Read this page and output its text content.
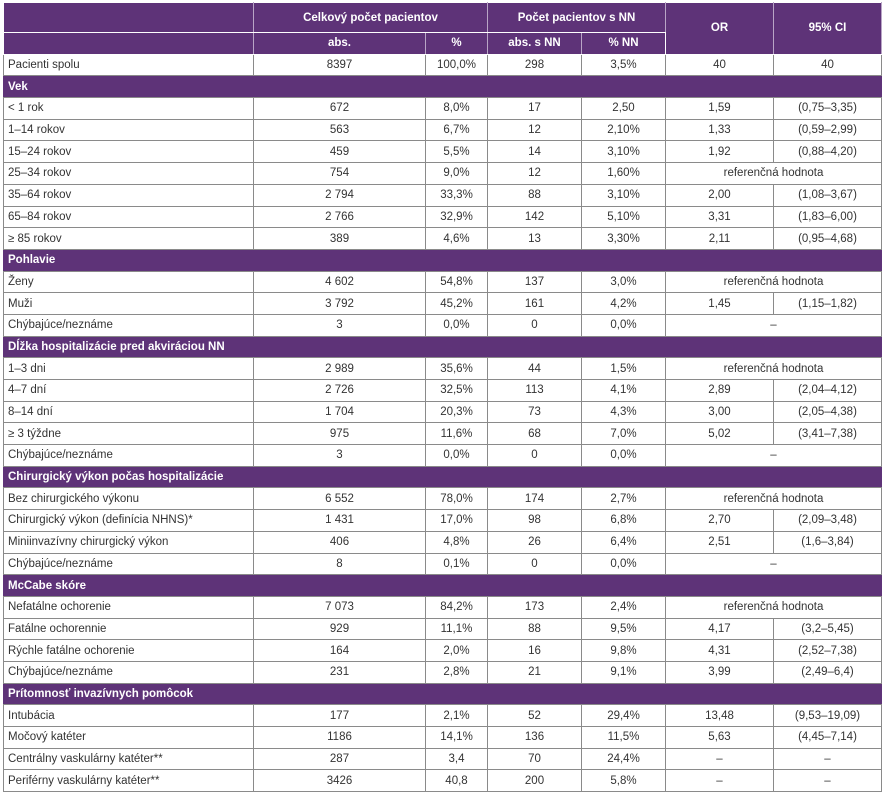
	Celkový počet pacientov		Počet pacientov s NN		OR	95% CI	
	abs.	%	abs. s NN	% NN			
Pacienti spolu	8397	100,0%	298	3,5%	40	40	
Vek							
< 1 rok	672	8,0%	17	2,50	1,59	(0,75–3,35)	
1–14 rokov	563	6,7%	12	2,10%	1,33	(0,59–2,99)	
15–24 rokov	459	5,5%	14	3,10%	1,92	(0,88–4,20)	
25–34 rokov	754	9,0%	12	1,60%	referenčná hodnota		
35–64 rokov	2 794	33,3%	88	3,10%	2,00	(1,08–3,67)	
65–84 rokov	2 766	32,9%	142	5,10%	3,31	(1,83–6,00)	
≥ 85 rokov	389	4,6%	13	3,30%	2,11	(0,95–4,68)	
Pohlavie							
Ženy	4 602	54,8%	137	3,0%	referenčná hodnota		
Muži	3 792	45,2%	161	4,2%	1,45	(1,15–1,82)	
Chýbajúce/neznáme	3	0,0%	0	0,0%	–		
Dĺžka hospitalizácie pred akviráciou NN							
1–3 dni	2 989	35,6%	44	1,5%	referenčná hodnota		
4–7 dní	2 726	32,5%	113	4,1%	2,89	(2,04–4,12)	
8–14 dní	1 704	20,3%	73	4,3%	3,00	(2,05–4,38)	
≥ 3 týždne	975	11,6%	68	7,0%	5,02	(3,41–7,38)	
Chýbajúce/neznáme	3	0,0%	0	0,0%	–		
Chirurgický výkon počas hospitalizácie							
Bez chirurgického výkonu	6 552	78,0%	174	2,7%	referenčná hodnota		
Chirurgický výkon (definícia NHNS)*	1 431	17,0%	98	6,8%	2,70	(2,09–3,48)	
Miniinvazívny chirurgický výkon	406	4,8%	26	6,4%	2,51	(1,6–3,84)	
Chýbajúce/neznáme	8	0,1%	0	0,0%	–		
McCabe skóre							
Nefatálne ochorenie	7 073	84,2%	173	2,4%	referenčná hodnota		
Fatálne ochorennie	929	11,1%	88	9,5%	4,17	(3,2–5,45)	
Rýchle fatálne ochorenie	164	2,0%	16	9,8%	4,31	(2,52–7,38)	
Chýbajúce/neznáme	231	2,8%	21	9,1%	3,99	(2,49–6,4)	
Prítomnosť invazívnych pomôcok							
Intubácia	177	2,1%	52	29,4%	13,48	(9,53–19,09)	
Močový katéter	1186	14,1%	136	11,5%	5,63	(4,45–7,14)	
Centrálny vaskulárny katéter**	287	3,4	70	24,4%	–	–	
Periférny vaskulárny katéter**	3426	40,8	200	5,8%	–	–	
